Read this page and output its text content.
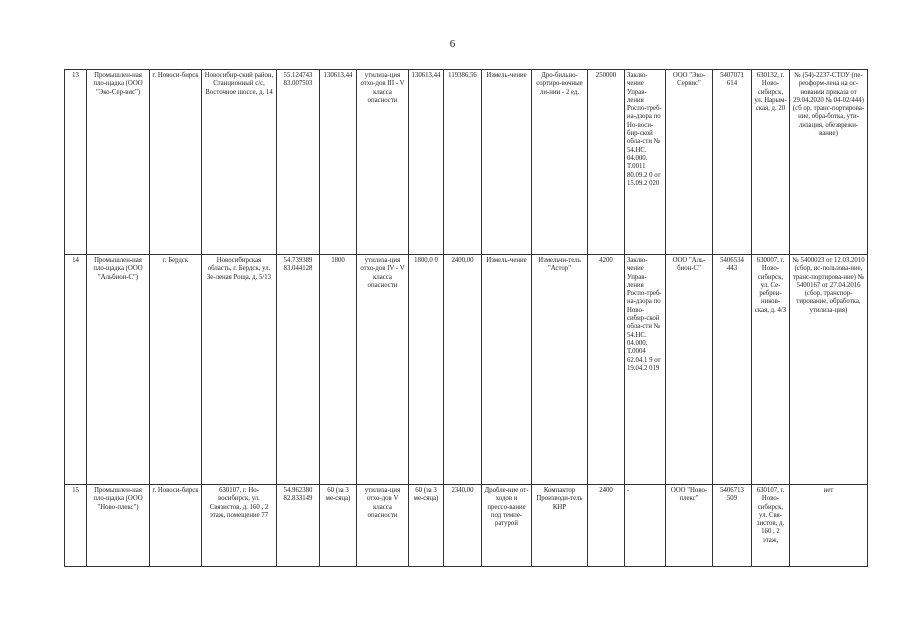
6
13	Промышлен-ная пло-щадка (ООО "Эко-Сер-вис")	г. Новоси-бирск	Новосибир-ский район, Станционный с/с, Восточное шоссе, д. 14	55.124743 83.007503	130613,44	утилиза-ция отхо-дов III - V класса опасности	130613,44	119386,56	Измель-чение	Дро-бильно-сортиро-вочные ли-нии - 2 ед.	250000	Заклю-чение Управ-ления Роспо-треб-на-дзора по Но-воси-бир-ской обла-сти № 54.НС. 04.000. Т.0011 80.09.2 0 от 15.09.2 020	ООО "Эко-Сервис"	5407071 614	630132, г. Ново-сибирск, ул. Нарым-ская, д. 20	№ (54)-2237-СТОУ (пе-реоформ-лена на ос-новании приказа от 29.04.2020 № 04-02/444)(сб ор, транс-портирова-ние, обра-ботка, ути-лизация, обезврежи-вание)
14	Промышлен-ная пло-щадка (ООО "Альбион-С")	г. Бердск	Новосибирская область, г. Бердск, ул. Зе-леная Роща, д. 5/13	54.739389 83.044128	1800	утилиза-ция отхо-дов IV - V класса опасности	1800,0 0	2400,00	Измель-чение	Измельчи-тель "Астор"	4200	Заклю-чение Управ-ления Роспо-треб-на-дзора по Ново-сибир-ской обла-сти № 54.НС. 04.000. Т.0004 62.04.1 9 от 19.04.2 019	ООО "Аль-бион-С"	5406534 443	630007, г. Ново-сибирск, ул. Се-ребрен-ников-ская, д. 4/3	№ 5400023 от 12.03.2010 (сбор, ис-пользова-ние, транс-портирова-ние) № 5400167 от 27.04.2016 (сбор, транспор-тирование, обработка, утилиза-ция)
15	Промышлен-ная пло-щадка (ООО "Ново-плекс")	г. Новоси-бирск	630107, г. Но-восибирск, ул. Связистов, д. 160 , 2 этаж, помещение 77	54.962380 82.833149	60 (за 3 ме-сяца)	утилиза-ция отхо-дов V класса опасности	60 (за 3 ме-сяца)	2340,00	Дробле-ние от-ходов и прессо-вание под темпе-ратурой	Компактор Производи-тель КНР	2400	-	ООО "Ново-плекс"	5406713 509	630107, г. Ново-сибирск, ул. Свя-зистов, д. 160 , 2 этаж,	нет
